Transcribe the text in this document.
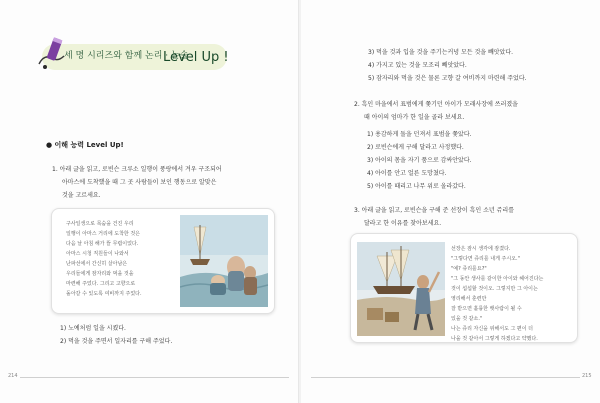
세 명 시리즈와 함께 논리 · 논술
Level Up !
● 이해 능력 Level Up!
1. 아래 글을 읽고, 로빈슨 크루소 일행이 풍랑에서 겨우 구조되어
아마스에 도착했을 때 그 곳 사람들이 보인 행동으로 알맞은
것을 고르세요.
구사일생으로 목숨을 건진 우리
일행이 아마스 거리에 도착한 것은
다음 날 아침 해가 뜰 무렵이었다.
아마스 시청 직원들이 나와서
난파선에서 간신히 살아남은
우리들에게 잠자리와 먹을 것을
마련해 주었다. 그리고 고향으로
돌아갈 수 있도록 여비까지 주었다.
1) 노예처럼 일을 시켰다.
2) 먹을 것을 주면서 일자리를 구해 주었다.
214
3) 먹을 것과 입을 것을 주기는커녕 모든 것을 빼앗았다.
4) 가지고 있는 것을 모조리 빼앗았다.
5) 잠자리와 먹을 것은 물론 고향 갈 여비까지 마련해 주었다.
2. 흑인 마을에서 표범에게 쫓기던 아이가 모래사장에 쓰러졌을
때 아이의 엄마가 한 일을 골라 보세요.
1) 용감하게 돌을 던져서 표범을 쫓았다.
2) 로빈슨에게 구해 달라고 사정했다.
3) 아이의 몸을 자기 품으로 감싸안았다.
4) 아이를 안고 얼른 도망쳤다.
5) 아이를 때리고 나무 위로 올라갔다.
3. 아래 글을 읽고, 로빈슨을 구해 준 선장이 흑인 소년 쥬리를
달라고 한 이유를 찾아보세요.
선장은 잠시 생각에 잠겼다.
"그렇다면 쥬리를 내게 주시오."
"예? 쥬리를요?"
"그 동안 생사를 같이한 아이와 헤어진다는
것이 섭섭할 것이오. 그렇지만 그 아이는
영리해서 훈련만
잘 받으면 훌륭한 뱃사람이 될 수
있을 것 같소."
나는 쥬리 자신을 위해서도 그 편이 더
나을 것 같아서 그렇게 하겠다고 약했다.
215
